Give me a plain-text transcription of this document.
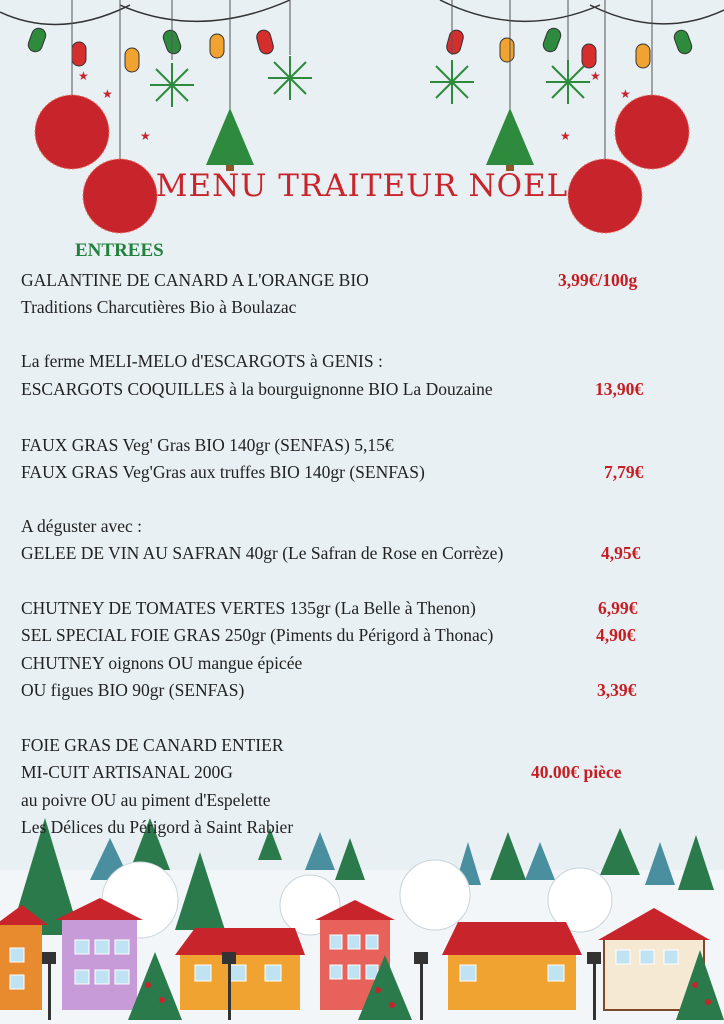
★
★
★
★
★
★
MENU TRAITEUR NOEL
ENTREES
GALANTINE DE CANARD A L'ORANGE BIO
Traditions Charcutières Bio à Boulazac
La ferme MELI-MELO d'ESCARGOTS à GENIS :
ESCARGOTS COQUILLES à la bourguignonne BIO La Douzaine
FAUX GRAS Veg' Gras BIO 140gr (SENFAS) 5,15€
FAUX GRAS Veg'Gras aux truffes BIO 140gr (SENFAS)
A déguster avec :
GELEE DE VIN AU SAFRAN 40gr (Le Safran de Rose en Corrèze)
CHUTNEY DE TOMATES VERTES 135gr (La Belle à Thenon)
SEL SPECIAL FOIE GRAS 250gr (Piments du Périgord à Thonac)
CHUTNEY oignons OU mangue épicée
OU figues BIO 90gr (SENFAS)
FOIE GRAS DE CANARD ENTIER
MI-CUIT ARTISANAL 200G
au poivre OU au piment d'Espelette
Les Délices du Périgord à Saint Rabier
3,99€/100g
13,90€
7,79€
4,95€
6,99€
4,90€
3,39€
40.00€ pièce
